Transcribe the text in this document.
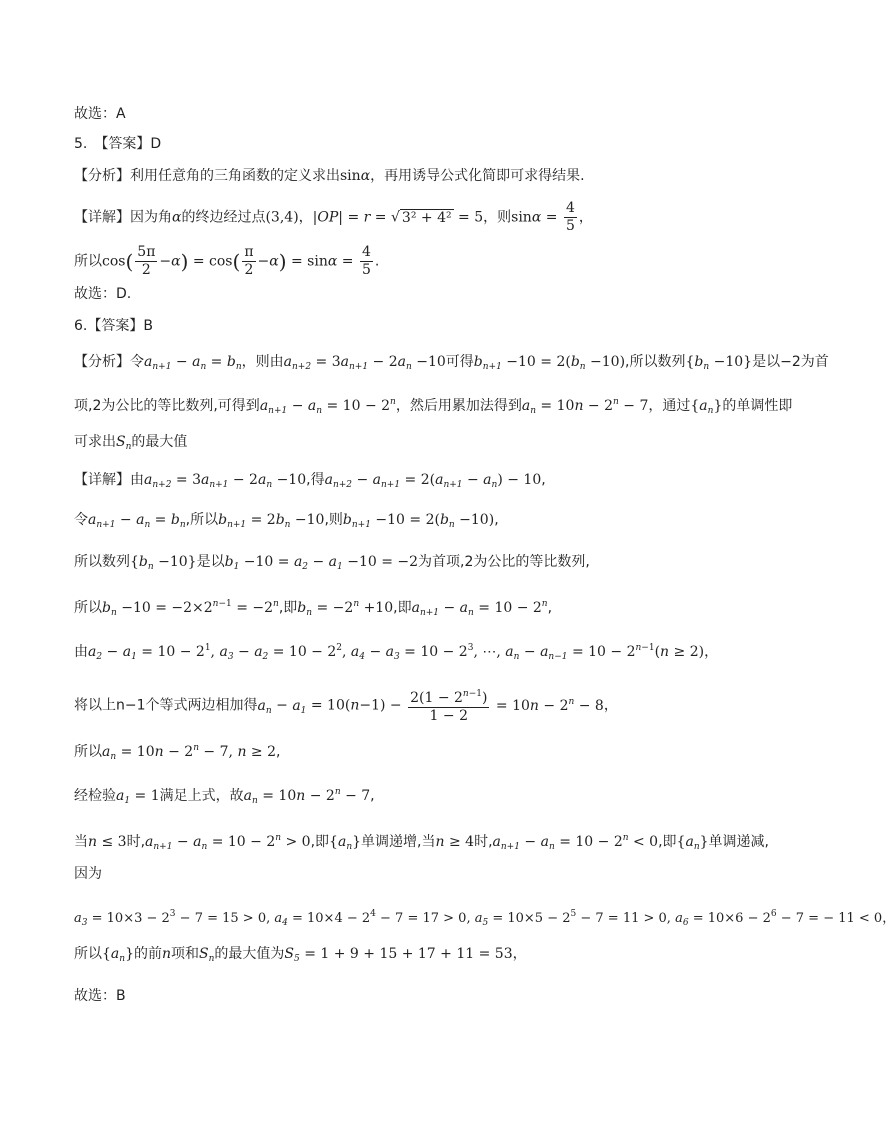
故选：A
5.　【答案】D
【分析】利用任意角的三角函数的定义求出sinα，再用诱导公式化简即可求得结果.
【详解】因为角α的终边经过点(3,4)，|OP| = r = √ 3² + 4² = 5，则$\sin\alpha = \frac{4}{5}$ ，
所以$\cos( \frac{5\pi}{2} -\alpha) = \cos( \frac{\pi}{2} -\alpha) = \sin\alpha = \frac{4}{5}$ .
故选：D.
6.【答案】B
【分析】令$a_{n+1} - a_n = b_n$，则由$a_{n+2} = 3a_{n+1} - 2a_n -10$可得$b_{n+1} -10 = 2(b_n -10)$,所以数列$\{b_n -10\}$是以−2为首
项,2为公比的等比数列,可得到$a_{n+1} - a_n = 10 - 2^n$，然后用累加法得到$a_n = 10n - 2^n - 7$，通过$\{a_n\}$的单调性即
可求出$S_n$的最大值
【详解】由$a_{n+2} = 3a_{n+1} - 2a_n -10$,得$a_{n+2} - a_{n+1} = 2(a_{n+1} - a_n) - 10$,
令$a_{n+1} - a_n = b_n$,所以$b_{n+1} = 2b_n -10$,则$b_{n+1} -10 = 2(b_n -10)$,
所以数列$\{b_n -10\}$是以$b_1 -10 = a_2 - a_1 -10 = -2$为首项,2为公比的等比数列,
所以$b_n -10 = -2\times 2^{n-1} = -2^n$,即$b_n = -2^n +10$,即$a_{n+1} - a_n = 10 - 2^n$,
由$a_2 - a_1 = 10 - 2^1$, $a_3 - a_2 = 10 - 2^2$, $a_4 - a_3 = 10 - 2^3$, ⋯, $a_n - a_{n-1} = 10 - 2^{n-1}(n \ge 2)$，
将以上n−1个等式两边相加得$a_n - a_1 = 10(n-1) - \frac{2(1 - 2^{n-1})}{1 - 2} = 10n - 2^n - 8$，
所以$a_n = 10n - 2^n - 7$, n ≥ 2,
经检验$a_1 = 1$满足上式，故$a_n = 10n - 2^n - 7$,
当n ≤ 3时$,a_{n+1} - a_n = 10 - 2^n > 0$,即$\{a_n\}$单调递增,当n ≥ 4时$,a_{n+1} - a_n = 10 - 2^n < 0$,即$\{a_n\}$单调递减,
因为
$a_3 = 10\times 3 - 2^3 - 7 = 15 > 0$, $a_4 = 10\times 4 - 2^4 - 7 = 17 > 0$, $a_5 = 10\times 5 - 2^5 - 7 = 11 > 0$, $a_6 = 10\times 6 - 2^6 - 7$ = − 11 < 0，
所以$\{a_n\}$的前n项和$S_n$的最大值为$S_5 = 1 + 9 + 15 + 17 + 11 = 53$，
故选：B
